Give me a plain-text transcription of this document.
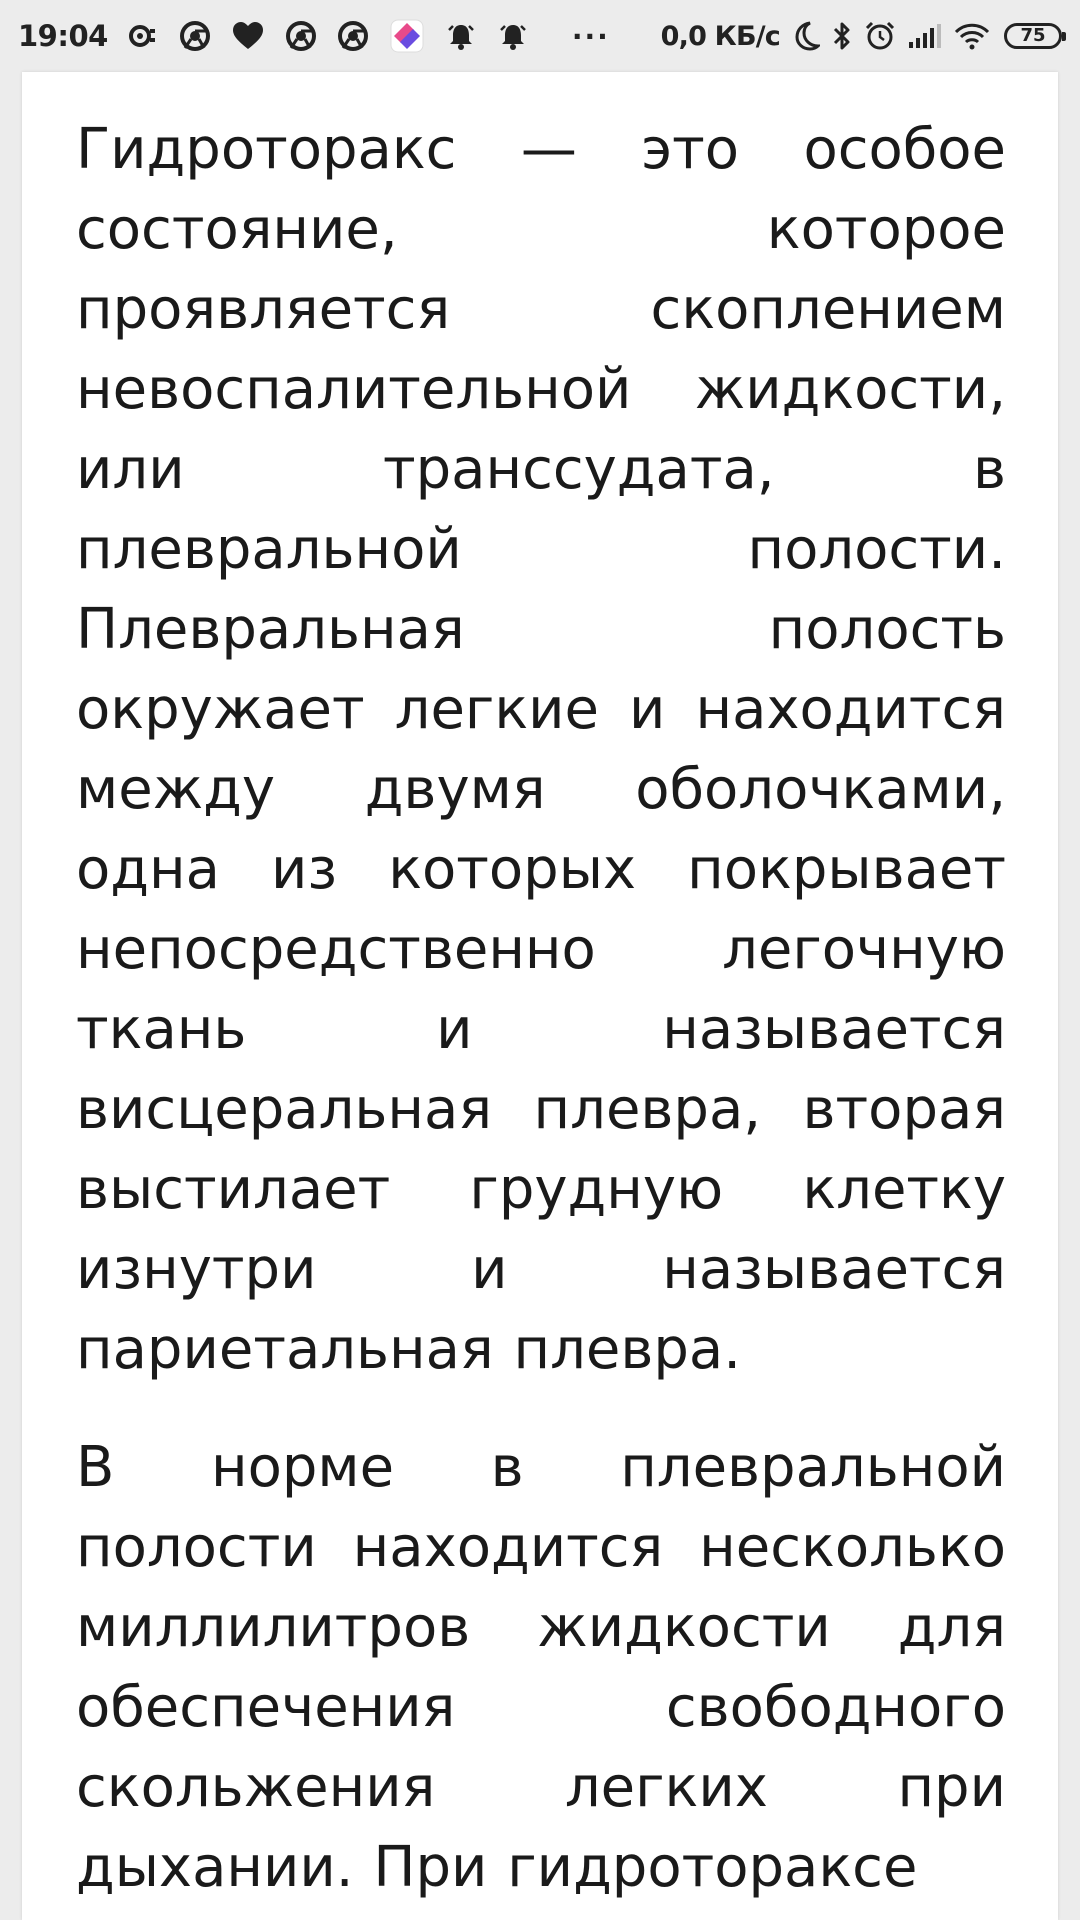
19:04	··· 0,0 КБ/с	75

Гидроторакс — это особое состояние, которое проявляется скоплением невоспалительной жидкости, или транссудата, в плевральной полости. Плевральная полость окружает легкие и находится между двумя оболочками, одна из которых покрывает непосредственно легочную ткань и называется висцеральная плевра, вторая выстилает грудную клетку изнутри и называется париетальная плевра.

В норме в плевральной полости находится несколько миллилитров жидкости для обеспечения свободного скольжения легких при дыхании. При гидротораксе
